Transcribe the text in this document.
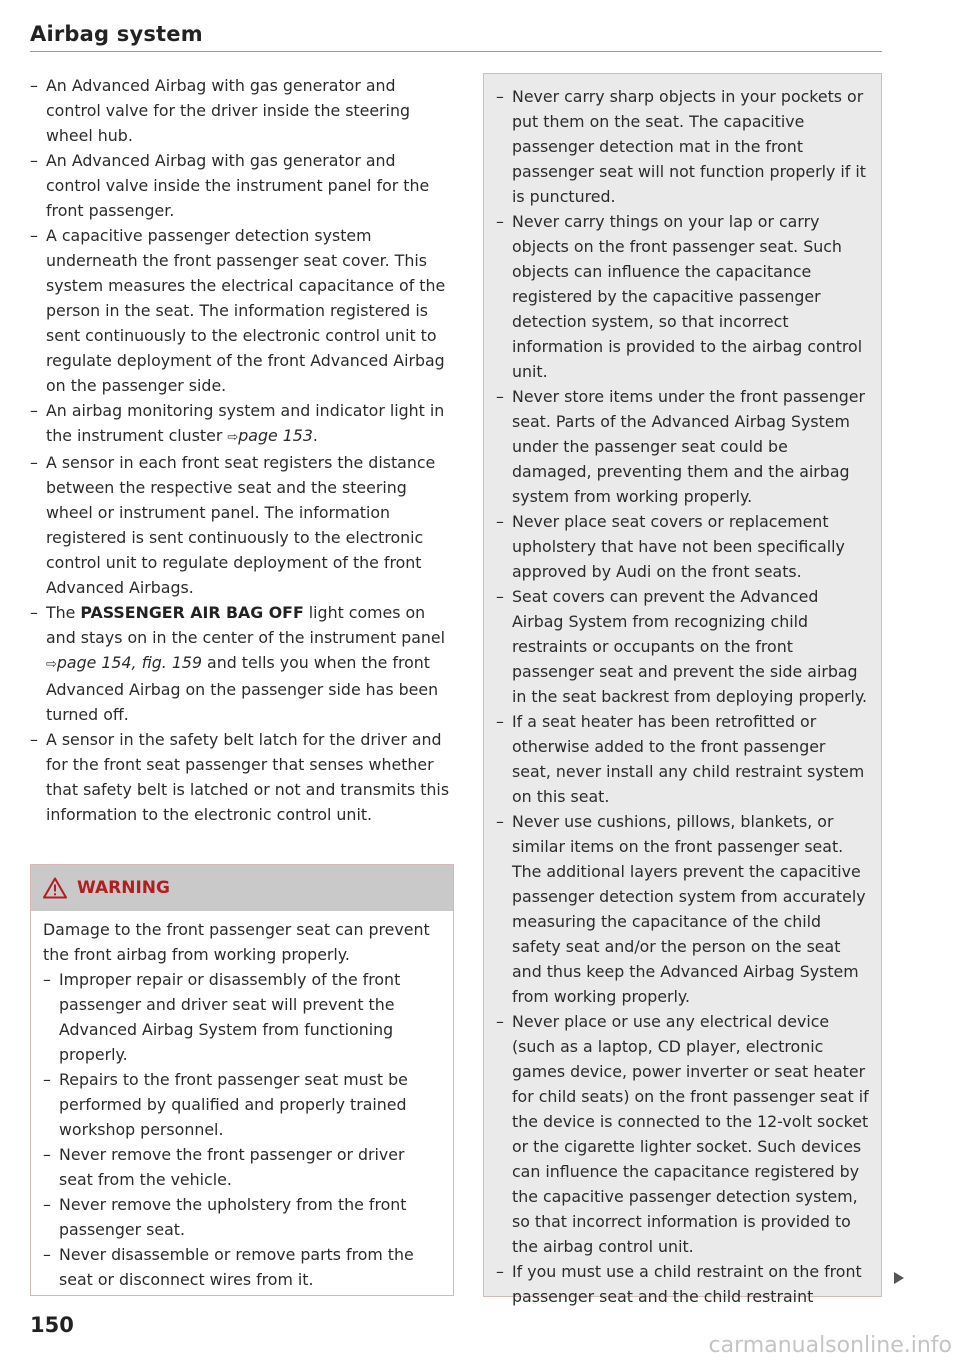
Airbag system
– An Advanced Airbag with gas generator and control valve for the driver inside the steering wheel hub.
– An Advanced Airbag with gas generator and control valve inside the instrument panel for the front passenger.
– A capacitive passenger detection system underneath the front passenger seat cover. This system measures the electrical capacitance of the person in the seat. The information registered is sent continuously to the electronic control unit to regulate deployment of the front Advanced Airbag on the passenger side.
– An airbag monitoring system and indicator light in the instrument cluster ⇨page 153.
– A sensor in each front seat registers the distance between the respective seat and the steering wheel or instrument panel. The information registered is sent continuously to the electronic control unit to regulate deployment of the front Advanced Airbags.
– The PASSENGER AIR BAG OFF light comes on and stays on in the center of the instrument panel ⇨page 154, fig. 159 and tells you when the front Advanced Airbag on the passenger side has been turned off.
– A sensor in the safety belt latch for the driver and for the front seat passenger that senses whether that safety belt is latched or not and transmits this information to the electronic control unit.
WARNING

Damage to the front passenger seat can prevent the front airbag from working properly.

– Improper repair or disassembly of the front passenger and driver seat will prevent the Advanced Airbag System from functioning properly.
– Repairs to the front passenger seat must be performed by qualified and properly trained workshop personnel.
– Never remove the front passenger or driver seat from the vehicle.
– Never remove the upholstery from the front passenger seat.
– Never disassemble or remove parts from the seat or disconnect wires from it.
– Never carry sharp objects in your pockets or put them on the seat. The capacitive passenger detection mat in the front passenger seat will not function properly if it is punctured.
– Never carry things on your lap or carry objects on the front passenger seat. Such objects can influence the capacitance registered by the capacitive passenger detection system, so that incorrect information is provided to the airbag control unit.
– Never store items under the front passenger seat. Parts of the Advanced Airbag System under the passenger seat could be damaged, preventing them and the airbag system from working properly.
– Never place seat covers or replacement upholstery that have not been specifically approved by Audi on the front seats.
– Seat covers can prevent the Advanced Airbag System from recognizing child restraints or occupants on the front passenger seat and prevent the side airbag in the seat backrest from deploying properly.
– If a seat heater has been retrofitted or otherwise added to the front passenger seat, never install any child restraint system on this seat.
– Never use cushions, pillows, blankets, or similar items on the front passenger seat. The additional layers prevent the capacitive passenger detection system from accurately measuring the capacitance of the child safety seat and/or the person on the seat and thus keep the Advanced Airbag System from working properly.
– Never place or use any electrical device (such as a laptop, CD player, electronic games device, power inverter or seat heater for child seats) on the front passenger seat if the device is connected to the 12-volt socket or the cigarette lighter socket. Such devices can influence the capacitance registered by the capacitive passenger detection system, so that incorrect information is provided to the airbag control unit.
– If you must use a child restraint on the front passenger seat and the child restraint
150
carmanualsonline.info
